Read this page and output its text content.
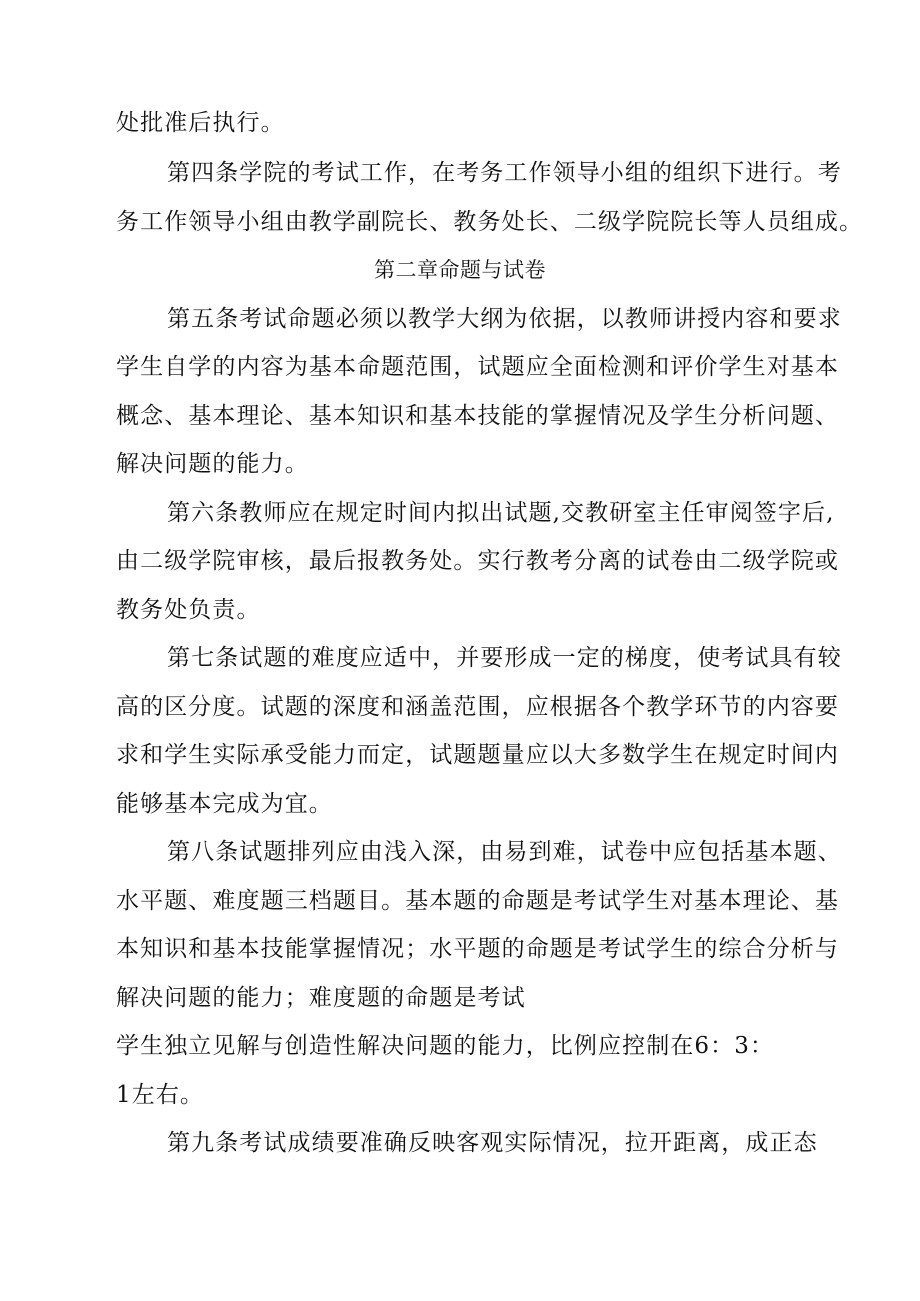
处批准后执行。
第四条学院的考试工作，在考务工作领导小组的组织下进行。考
务工作领导小组由教学副院长、教务处长、二级学院院长等人员组成。
第二章命题与试卷
第五条考试命题必须以教学大纲为依据，以教师讲授内容和要求
学生自学的内容为基本命题范围，试题应全面检测和评价学生对基本
概念、基本理论、基本知识和基本技能的掌握情况及学生分析问题、
解决问题的能力。
第六条教师应在规定时间内拟出试题,交教研室主任审阅签字后,
由二级学院审核，最后报教务处。实行教考分离的试卷由二级学院或
教务处负责。
第七条试题的难度应适中，并要形成一定的梯度，使考试具有较
高的区分度。试题的深度和涵盖范围，应根据各个教学环节的内容要
求和学生实际承受能力而定，试题题量应以大多数学生在规定时间内
能够基本完成为宜。
第八条试题排列应由浅入深，由易到难，试卷中应包括基本题、
水平题、难度题三档题目。基本题的命题是考试学生对基本理论、基
本知识和基本技能掌握情况；水平题的命题是考试学生的综合分析与
解决问题的能力；难度题的命题是考试
学生独立见解与创造性解决问题的能力，比例应控制在6：3：
1左右。
第九条考试成绩要准确反映客观实际情况，拉开距离，成正态
